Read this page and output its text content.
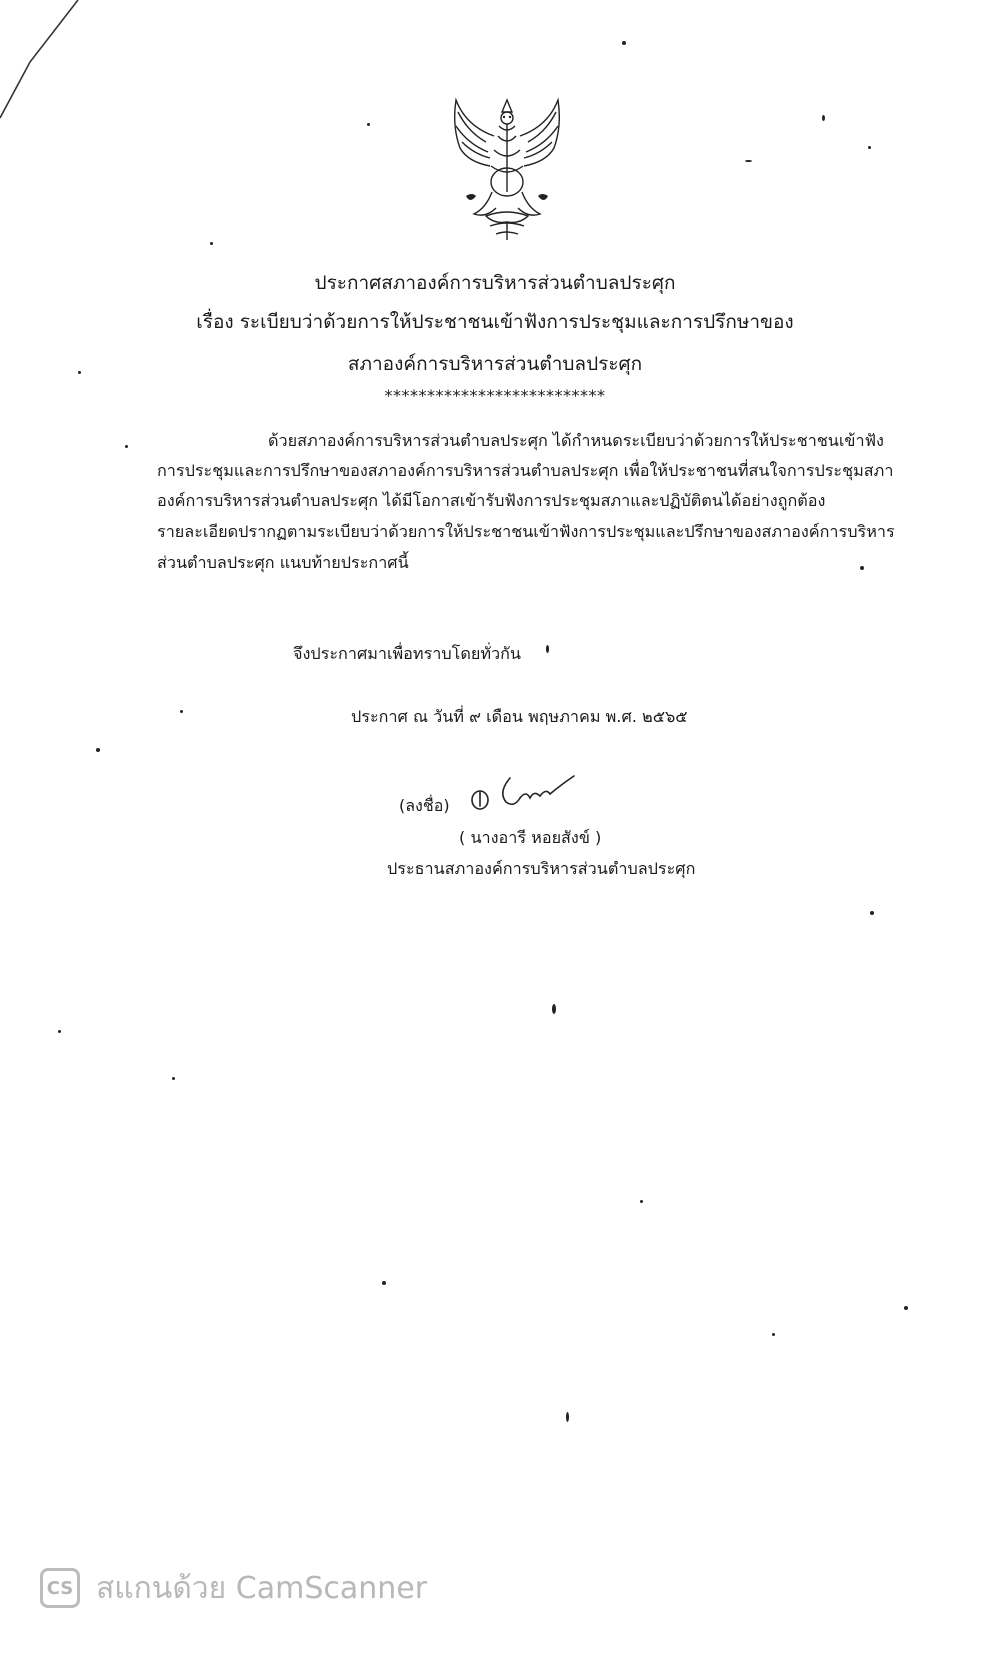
ประกาศสภาองค์การบริหารส่วนตำบลประศุก
เรื่อง ระเบียบว่าด้วยการให้ประชาชนเข้าฟังการประชุมและการปรึกษาของ
สภาองค์การบริหารส่วนตำบลประศุก
**************************
ด้วยสภาองค์การบริหารส่วนตำบลประศุก ได้กำหนดระเบียบว่าด้วยการให้ประชาชนเข้าฟัง
การประชุมและการปรึกษาของสภาองค์การบริหารส่วนตำบลประศุก เพื่อให้ประชาชนที่สนใจการประชุมสภา
องค์การบริหารส่วนตำบลประศุก ได้มีโอกาสเข้ารับฟังการประชุมสภาและปฏิบัติตนได้อย่างถูกต้อง
รายละเอียดปรากฏตามระเบียบว่าด้วยการให้ประชาชนเข้าฟังการประชุมและปรึกษาของสภาองค์การบริหาร
ส่วนตำบลประศุก แนบท้ายประกาศนี้
จึงประกาศมาเพื่อทราบโดยทั่วกัน
ประกาศ ณ วันที่ ๙ เดือน พฤษภาคม พ.ศ. ๒๕๖๕
(ลงชื่อ)
( นางอารี หอยสังข์ )
ประธานสภาองค์การบริหารส่วนตำบลประศุก
CS สแกนด้วย CamScanner
